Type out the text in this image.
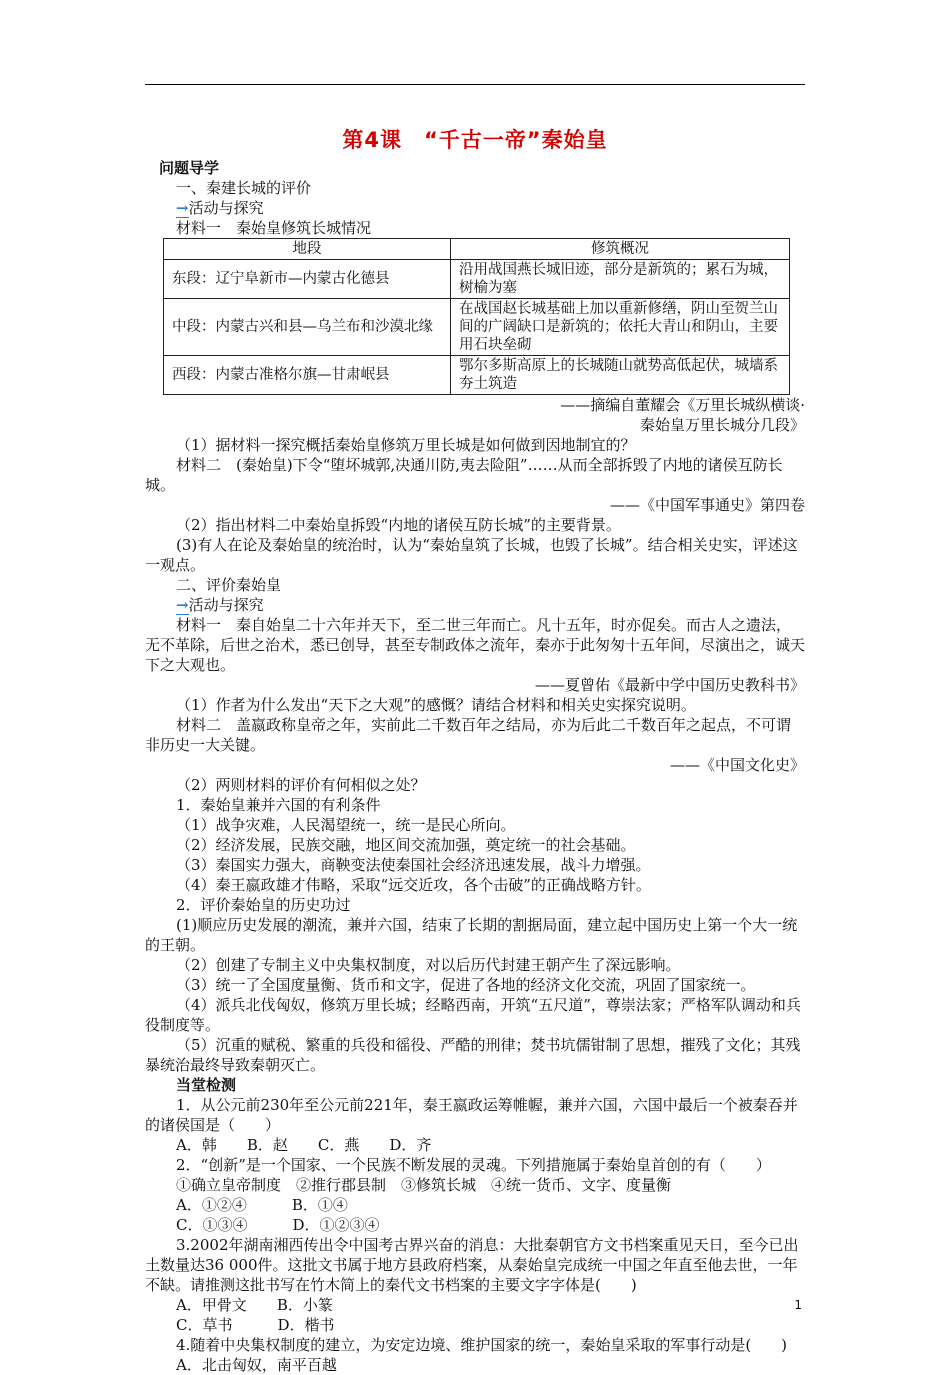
第4课　“千古一帝”秦始皇

问题导学

一、秦建长城的评价

→活动与探究

材料一　秦始皇修筑长城情况

地段	修筑概况
东段：辽宁阜新市—内蒙古化德县	沿用战国燕长城旧迹，部分是新筑的；累石为城，树榆为塞
中段：内蒙古兴和县—乌兰布和沙漠北缘	在战国赵长城基础上加以重新修缮，阴山至贺兰山间的广阔缺口是新筑的；依托大青山和阴山，主要用石块垒砌
西段：内蒙古准格尔旗—甘肃岷县	鄂尔多斯高原上的长城随山就势高低起伏，城墙系夯土筑造

——摘编自董耀会《万里长城纵横谈·

秦始皇万里长城分几段》

（1）据材料一探究概括秦始皇修筑万里长城是如何做到因地制宜的？

材料二　(秦始皇)下令“堕坏城郭,决通川防,夷去险阻”……从而全部拆毁了内地的诸侯互防长城。

——《中国军事通史》第四卷

（2）指出材料二中秦始皇拆毁“内地的诸侯互防长城”的主要背景。

(3)有人在论及秦始皇的统治时，认为“秦始皇筑了长城，也毁了长城”。结合相关史实，评述这一观点。

二、评价秦始皇

→活动与探究

材料一　秦自始皇二十六年并天下，至二世三年而亡。凡十五年，时亦促矣。而古人之遗法，无不革除，后世之治术，悉已创导，甚至专制政体之流年，秦亦于此匆匆十五年间，尽演出之，诚天下之大观也。

——夏曾佑《最新中学中国历史教科书》

（1）作者为什么发出“天下之大观”的感慨？请结合材料和相关史实探究说明。

材料二　盖嬴政称皇帝之年，实前此二千数百年之结局，亦为后此二千数百年之起点，不可谓非历史一大关键。

——《中国文化史》

（2）两则材料的评价有何相似之处？

1．秦始皇兼并六国的有利条件

（1）战争灾难，人民渴望统一，统一是民心所向。

（2）经济发展，民族交融，地区间交流加强，奠定统一的社会基础。

（3）秦国实力强大，商鞅变法使秦国社会经济迅速发展，战斗力增强。

（4）秦王嬴政雄才伟略，采取“远交近攻，各个击破”的正确战略方针。

2．评价秦始皇的历史功过

(1)顺应历史发展的潮流，兼并六国，结束了长期的割据局面，建立起中国历史上第一个大一统的王朝。

（2）创建了专制主义中央集权制度，对以后历代封建王朝产生了深远影响。

（3）统一了全国度量衡、货币和文字，促进了各地的经济文化交流，巩固了国家统一。

（4）派兵北伐匈奴，修筑万里长城；经略西南，开筑“五尺道”，尊崇法家；严格军队调动和兵役制度等。

（5）沉重的赋税、繁重的兵役和徭役、严酷的刑律；焚书坑儒钳制了思想，摧残了文化；其残暴统治最终导致秦朝灭亡。

当堂检测

1．从公元前230年至公元前221年，秦王嬴政运筹帷幄，兼并六国，六国中最后一个被秦吞并的诸侯国是（　　）

A．韩　　B．赵　　C．燕　　D．齐

2．“创新”是一个国家、一个民族不断发展的灵魂。下列措施属于秦始皇首创的有（　　）

①确立皇帝制度　②推行郡县制　③修筑长城　④统一货币、文字、度量衡

A．①②④　　　B．①④

C．①③④　　　D．①②③④

3.2002年湖南湘西传出令中国考古界兴奋的消息：大批秦朝官方文书档案重见天日，至今已出土数量达36 000件。这批文书属于地方县政府档案，从秦始皇完成统一中国之年直至他去世，一年不缺。请推测这批书写在竹木简上的秦代文书档案的主要文字字体是(　　)

A．甲骨文　　B．小篆

C．草书　　　D．楷书

4.随着中央集权制度的建立，为安定边境、维护国家的统一，秦始皇采取的军事行动是(　　)

A．北击匈奴，南平百越

1
